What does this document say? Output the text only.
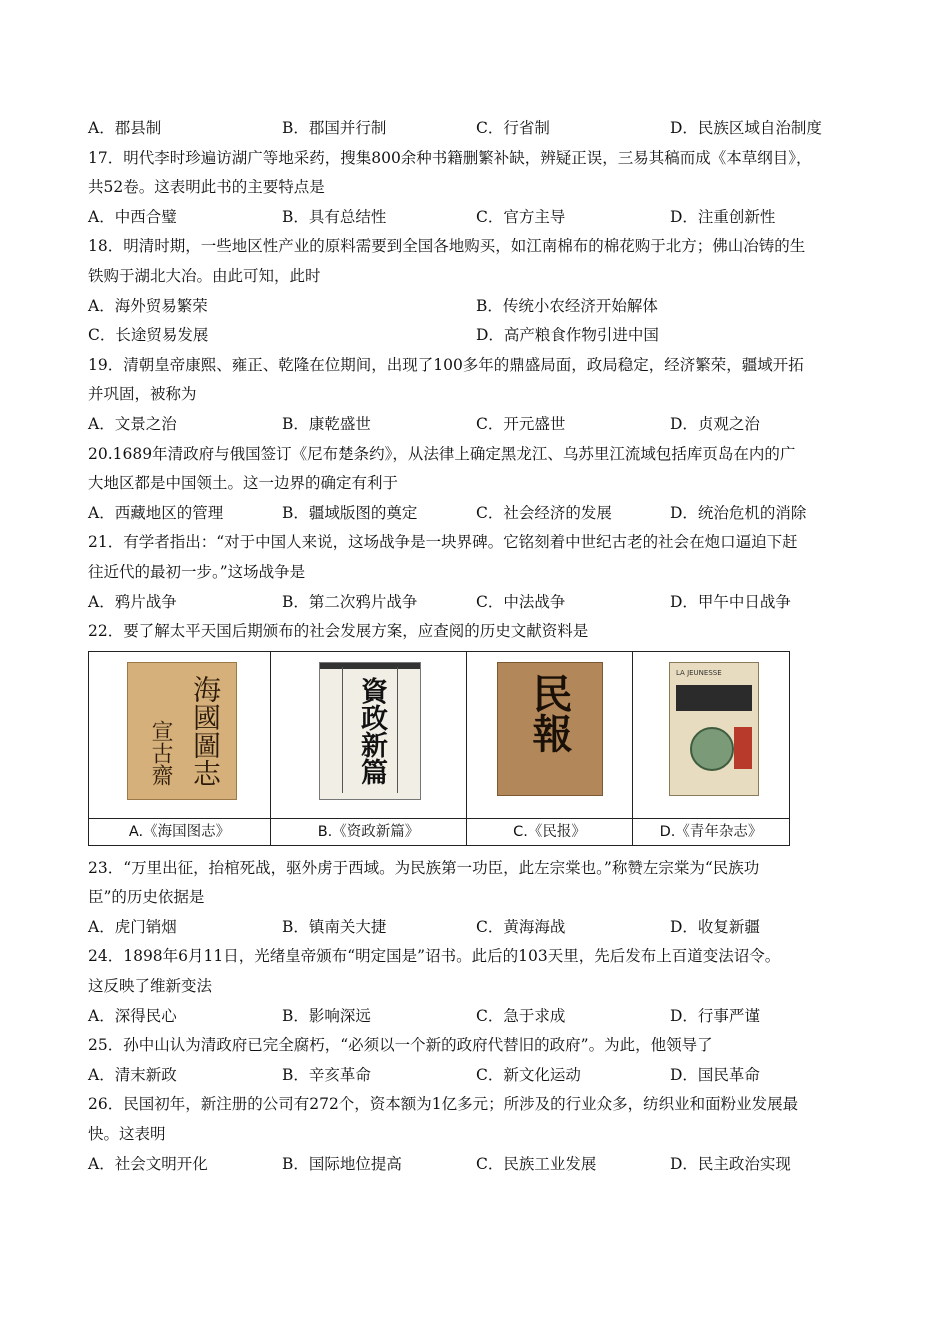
A．郡县制	B．郡国并行制	C．行省制	D．民族区域自治制度
17．明代李时珍遍访湖广等地采药，搜集800余种书籍删繁补缺，辨疑正误，三易其稿而成《本草纲目》，
共52卷。这表明此书的主要特点是
A．中西合璧	B．具有总结性	C．官方主导	D．注重创新性
18．明清时期，一些地区性产业的原料需要到全国各地购买，如江南棉布的棉花购于北方；佛山冶铸的生
铁购于湖北大冶。由此可知，此时
A．海外贸易繁荣	B．传统小农经济开始解体
C．长途贸易发展	D．高产粮食作物引进中国
19．清朝皇帝康熙、雍正、乾隆在位期间，出现了100多年的鼎盛局面，政局稳定，经济繁荣，疆域开拓
并巩固，被称为
A．文景之治	B．康乾盛世	C．开元盛世	D．贞观之治
20.1689年清政府与俄国签订《尼布楚条约》，从法律上确定黑龙江、乌苏里江流域包括库页岛在内的广
大地区都是中国领土。这一边界的确定有利于
A．西藏地区的管理	B．疆域版图的奠定	C．社会经济的发展	D．统治危机的消除
21．有学者指出：“对于中国人来说，这场战争是一块界碑。它铭刻着中世纪古老的社会在炮口逼迫下赶
往近代的最初一步。”这场战争是
A．鸦片战争	B．第二次鸦片战争	C．中法战争	D．甲午中日战争
22．要了解太平天国后期颁布的社会发展方案，应查阅的历史文献资料是
海國圖志
宣古齋
A.《海国图志》
資政新篇
B.《资政新篇》
民報
C.《民报》
LA JEUNESSE
D.《青年杂志》
23．“万里出征，抬棺死战，驱外虏于西域。为民族第一功臣，此左宗棠也。”称赞左宗棠为“民族功
臣”的历史依据是
A．虎门销烟	B．镇南关大捷	C．黄海海战	D．收复新疆
24．1898年6月11日，光绪皇帝颁布“明定国是”诏书。此后的103天里，先后发布上百道变法诏令。
这反映了维新变法
A．深得民心	B．影响深远	C．急于求成	D．行事严谨
25．孙中山认为清政府已完全腐朽，“必须以一个新的政府代替旧的政府”。为此，他领导了
A．清末新政	B．辛亥革命	C．新文化运动	D．国民革命
26．民国初年，新注册的公司有272个，资本额为1亿多元；所涉及的行业众多，纺织业和面粉业发展最
快。这表明
A．社会文明开化	B．国际地位提高	C．民族工业发展	D．民主政治实现
